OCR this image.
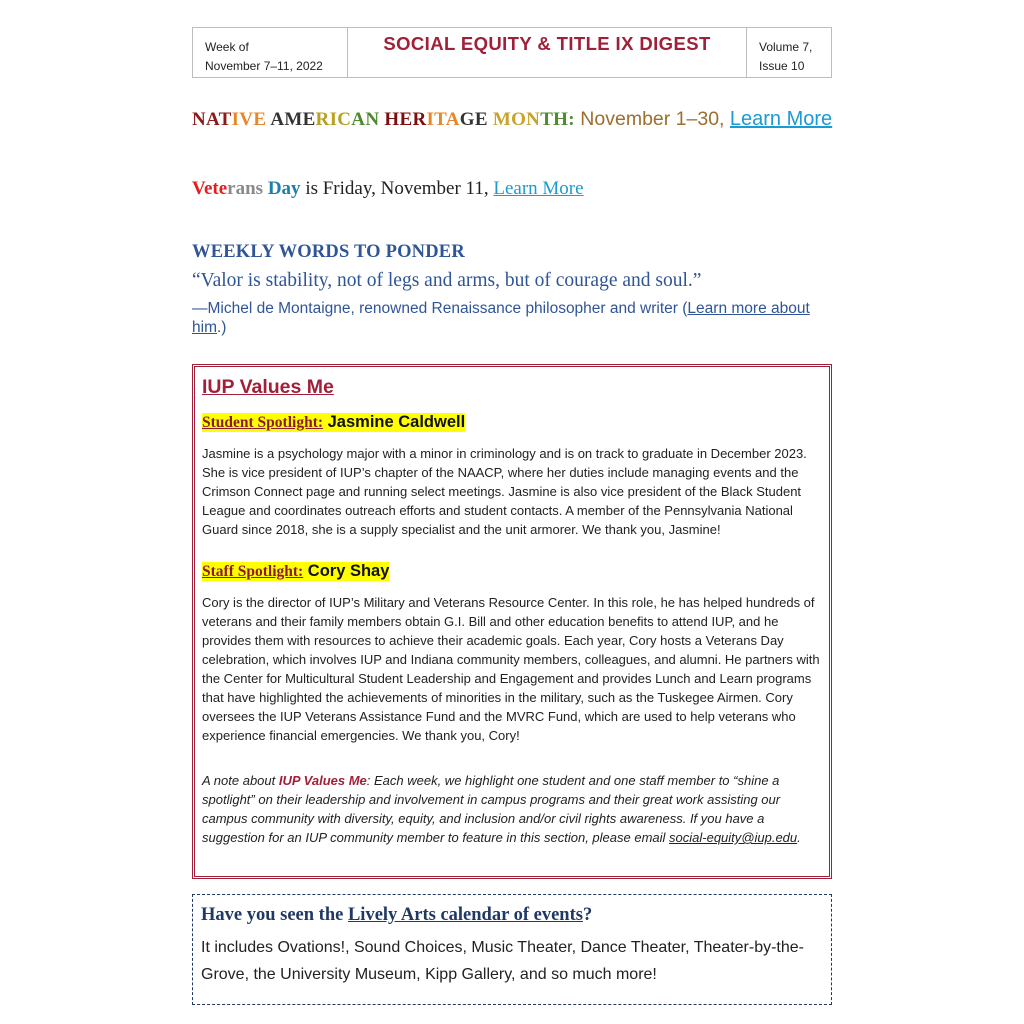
Week of
November 7–11, 2022
SOCIAL EQUITY & TITLE IX DIGEST	Volume 7,
Issue 10
NATIVE AMERICAN HERITAGE MONTH: November 1–30, Learn More
Veterans Day is Friday, November 11, Learn More
WEEKLY WORDS TO PONDER
“Valor is stability, not of legs and arms, but of courage and soul.”
—Michel de Montaigne, renowned Renaissance philosopher and writer (Learn more about him.)
IUP Values Me
Student Spotlight: Jasmine Caldwell
Jasmine is a psychology major with a minor in criminology and is on track to graduate in December 2023. She is vice president of IUP’s chapter of the NAACP, where her duties include managing events and the Crimson Connect page and running select meetings. Jasmine is also vice president of the Black Student League and coordinates outreach efforts and student contacts. A member of the Pennsylvania National Guard since 2018, she is a supply specialist and the unit armorer. We thank you, Jasmine!
Staff Spotlight: Cory Shay
Cory is the director of IUP’s Military and Veterans Resource Center. In this role, he has helped hundreds of veterans and their family members obtain G.I. Bill and other education benefits to attend IUP, and he provides them with resources to achieve their academic goals. Each year, Cory hosts a Veterans Day celebration, which involves IUP and Indiana community members, colleagues, and alumni. He partners with the Center for Multicultural Student Leadership and Engagement and provides Lunch and Learn programs that have highlighted the achievements of minorities in the military, such as the Tuskegee Airmen. Cory oversees the IUP Veterans Assistance Fund and the MVRC Fund, which are used to help veterans who experience financial emergencies. We thank you, Cory!
A note about IUP Values Me: Each week, we highlight one student and one staff member to “shine a spotlight” on their leadership and involvement in campus programs and their great work assisting our campus community with diversity, equity, and inclusion and/or civil rights awareness. If you have a suggestion for an IUP community member to feature in this section, please email social-equity@iup.edu.
Have you seen the Lively Arts calendar of events?
It includes Ovations!, Sound Choices, Music Theater, Dance Theater, Theater-by-the-Grove, the University Museum, Kipp Gallery, and so much more!
